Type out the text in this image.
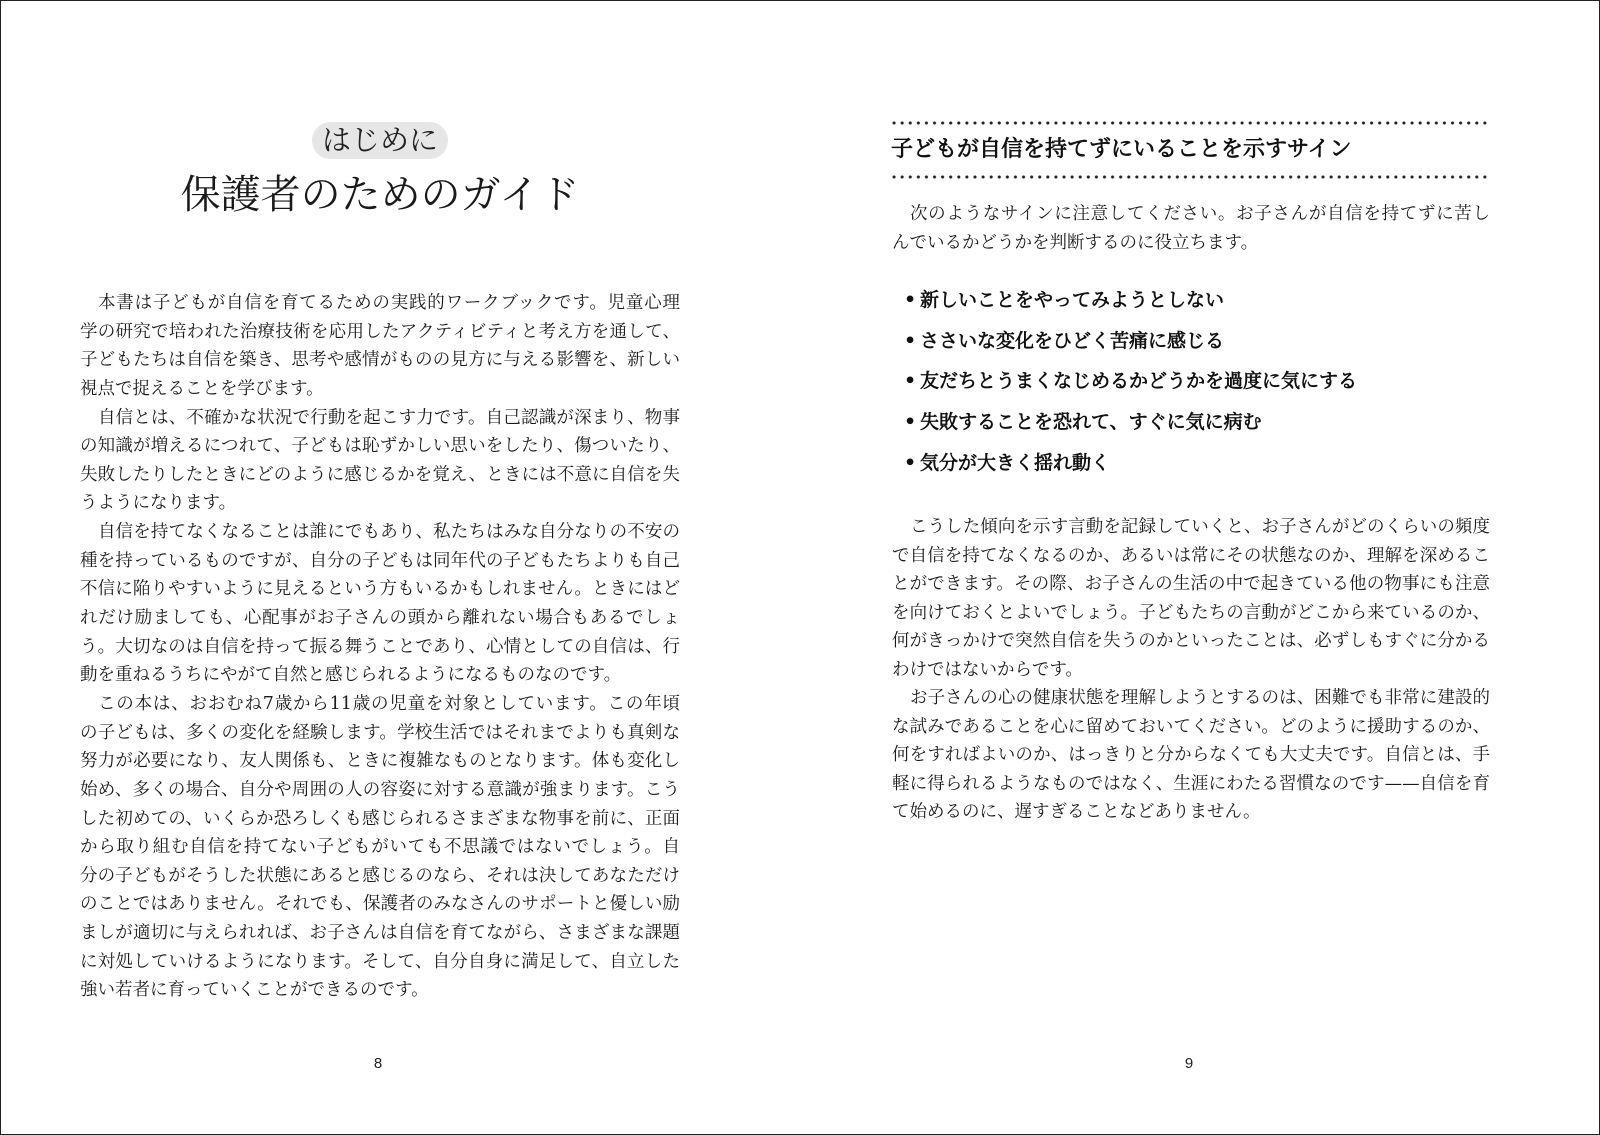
はじめに
保護者のためのガイド
本書は子どもが自信を育てるための実践的ワークブックです。児童心理
学の研究で培われた治療技術を応用したアクティビティと考え方を通して、
子どもたちは自信を築き、思考や感情がものの見方に与える影響を、新しい
視点で捉えることを学びます。
自信とは、不確かな状況で行動を起こす力です。自己認識が深まり、物事
の知識が増えるにつれて、子どもは恥ずかしい思いをしたり、傷ついたり、
失敗したりしたときにどのように感じるかを覚え、ときには不意に自信を失
うようになります。
自信を持てなくなることは誰にでもあり、私たちはみな自分なりの不安の
種を持っているものですが、自分の子どもは同年代の子どもたちよりも自己
不信に陥りやすいように見えるという方もいるかもしれません。ときにはど
れだけ励ましても、心配事がお子さんの頭から離れない場合もあるでしょ
う。大切なのは自信を持って振る舞うことであり、心情としての自信は、行
動を重ねるうちにやがて自然と感じられるようになるものなのです。
この本は、おおむね7歳から11歳の児童を対象としています。この年頃
の子どもは、多くの変化を経験します。学校生活ではそれまでよりも真剣な
努力が必要になり、友人関係も、ときに複雑なものとなります。体も変化し
始め、多くの場合、自分や周囲の人の容姿に対する意識が強まります。こう
した初めての、いくらか恐ろしくも感じられるさまざまな物事を前に、正面
から取り組む自信を持てない子どもがいても不思議ではないでしょう。自
分の子どもがそうした状態にあると感じるのなら、それは決してあなただけ
のことではありません。それでも、保護者のみなさんのサポートと優しい励
ましが適切に与えられれば、お子さんは自信を育てながら、さまざまな課題
に対処していけるようになります。そして、自分自身に満足して、自立した
強い若者に育っていくことができるのです。
8
子どもが自信を持てずにいることを示すサイン
次のようなサインに注意してください。お子さんが自信を持てずに苦し
んでいるかどうかを判断するのに役立ちます。
• 新しいことをやってみようとしない
• ささいな変化をひどく苦痛に感じる
• 友だちとうまくなじめるかどうかを過度に気にする
• 失敗することを恐れて、すぐに気に病む
• 気分が大きく揺れ動く
こうした傾向を示す言動を記録していくと、お子さんがどのくらいの頻度
で自信を持てなくなるのか、あるいは常にその状態なのか、理解を深めるこ
とができます。その際、お子さんの生活の中で起きている他の物事にも注意
を向けておくとよいでしょう。子どもたちの言動がどこから来ているのか、
何がきっかけで突然自信を失うのかといったことは、必ずしもすぐに分かる
わけではないからです。
お子さんの心の健康状態を理解しようとするのは、困難でも非常に建設的
な試みであることを心に留めておいてください。どのように援助するのか、
何をすればよいのか、はっきりと分からなくても大丈夫です。自信とは、手
軽に得られるようなものではなく、生涯にわたる習慣なのです——自信を育
て始めるのに、遅すぎることなどありません。
9
